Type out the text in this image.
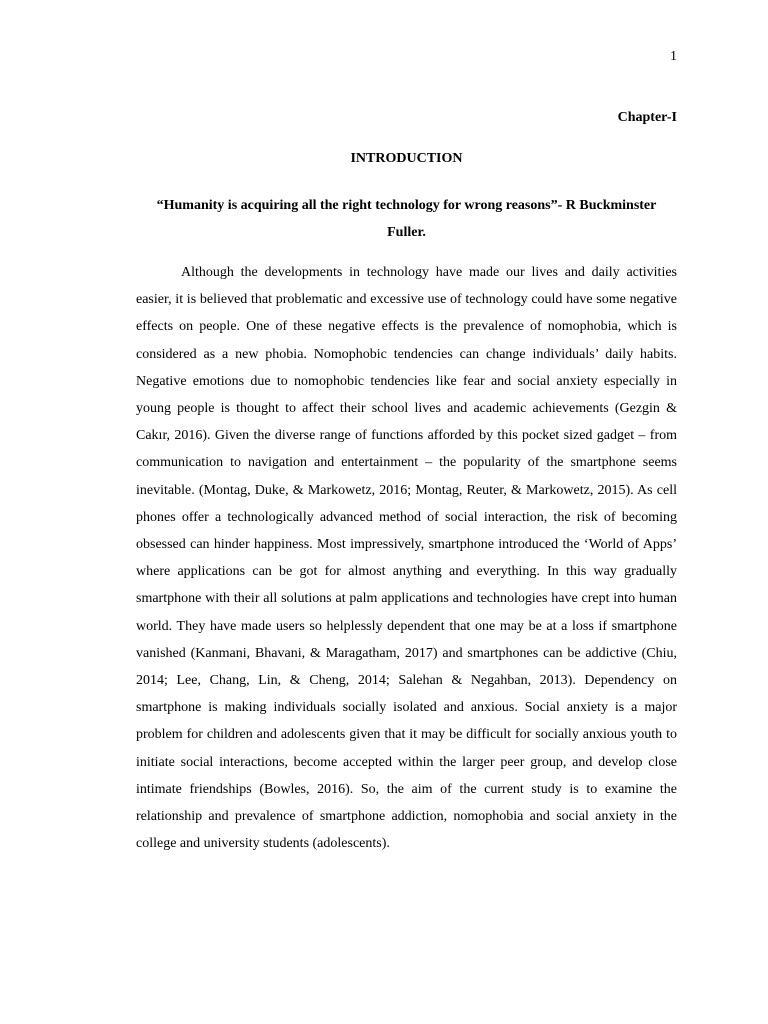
1
Chapter-I
INTRODUCTION
“Humanity is acquiring all the right technology for wrong reasons”- R Buckminster Fuller.

Although the developments in technology have made our lives and daily activities easier, it is believed that problematic and excessive use of technology could have some negative effects on people. One of these negative effects is the prevalence of nomophobia, which is considered as a new phobia. Nomophobic tendencies can change individuals’ daily habits. Negative emotions due to nomophobic tendencies like fear and social anxiety especially in young people is thought to affect their school lives and academic achievements (Gezgin & Cakır, 2016). Given the diverse range of functions afforded by this pocket sized gadget – from communication to navigation and entertainment – the popularity of the smartphone seems inevitable. (Montag, Duke, & Markowetz, 2016; Montag, Reuter, & Markowetz, 2015). As cell phones offer a technologically advanced method of social interaction, the risk of becoming obsessed can hinder happiness. Most impressively, smartphone introduced the ‘World of Apps’ where applications can be got for almost anything and everything. In this way gradually smartphone with their all solutions at palm applications and technologies have crept into human world. They have made users so helplessly dependent that one may be at a loss if smartphone vanished (Kanmani, Bhavani, & Maragatham, 2017) and smartphones can be addictive (Chiu, 2014; Lee, Chang, Lin, & Cheng, 2014; Salehan & Negahban, 2013). Dependency on smartphone is making individuals socially isolated and anxious. Social anxiety is a major problem for children and adolescents given that it may be difficult for socially anxious youth to initiate social interactions, become accepted within the larger peer group, and develop close intimate friendships (Bowles, 2016). So, the aim of the current study is to examine the relationship and prevalence of smartphone addiction, nomophobia and social anxiety in the college and university students (adolescents).
